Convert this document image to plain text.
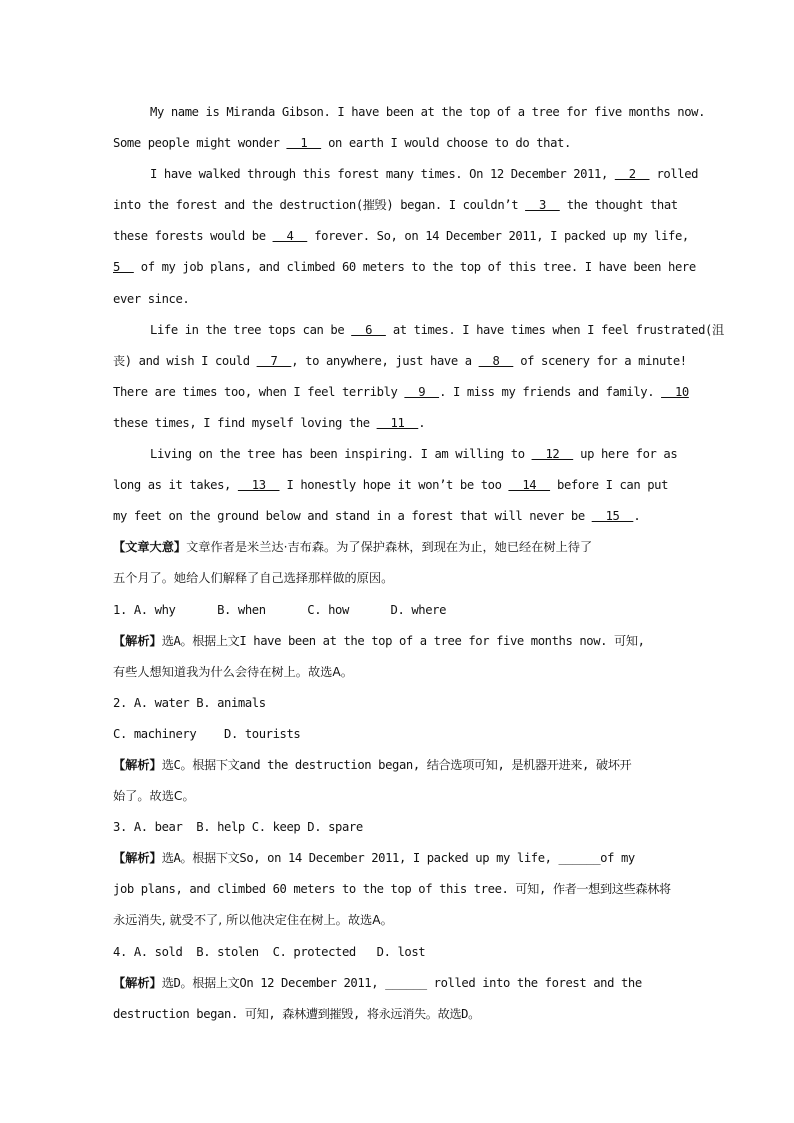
My name is Miranda Gibson. I have been at the top of a tree for five months now.
Some people might wonder   1   on earth I would choose to do that.
I have walked through this forest many times. On 12 December 2011,   2   rolled
into the forest and the destruction(摧毁) began. I couldn’t   3   the thought that
these forests would be   4   forever. So, on 14 December 2011, I packed up my life,
5   of my job plans, and climbed 60 meters to the top of this tree. I have been here
ever since.
Life in the tree tops can be   6   at times. I have times when I feel frustrated(沮
丧) and wish I could   7  , to anywhere, just have a   8   of scenery for a minute!
There are times too, when I feel terribly   9  . I miss my friends and family.   10
these times, I find myself loving the   11  .
Living on the tree has been inspiring. I am willing to   12   up here for as
long as it takes,   13   I honestly hope it won’t be too   14   before I can put
my feet on the ground below and stand in a forest that will never be   15  .
【文章大意】文章作者是米兰达·吉布森。为了保护森林，到现在为止，她已经在树上待了
五个月了。她给人们解释了自己选择那样做的原因。
1. A. why      B. when      C. how      D. where
【解析】选A。根据上文I have been at the top of a tree for five months now. 可知,
有些人想知道我为什么会待在树上。故选A。
2. A. water B. animals
C. machinery    D. tourists
【解析】选C。根据下文and the destruction began, 结合选项可知, 是机器开进来, 破坏开
始了。故选C。
3. A. bear  B. help C. keep D. spare
【解析】选A。根据下文So, on 14 December 2011, I packed up my life, ______of my
job plans, and climbed 60 meters to the top of this tree. 可知, 作者一想到这些森林将
永远消失, 就受不了, 所以他决定住在树上。故选A。
4. A. sold  B. stolen  C. protected   D. lost
【解析】选D。根据上文On 12 December 2011, ______ rolled into the forest and the
destruction began. 可知, 森林遭到摧毁, 将永远消失。故选D。
